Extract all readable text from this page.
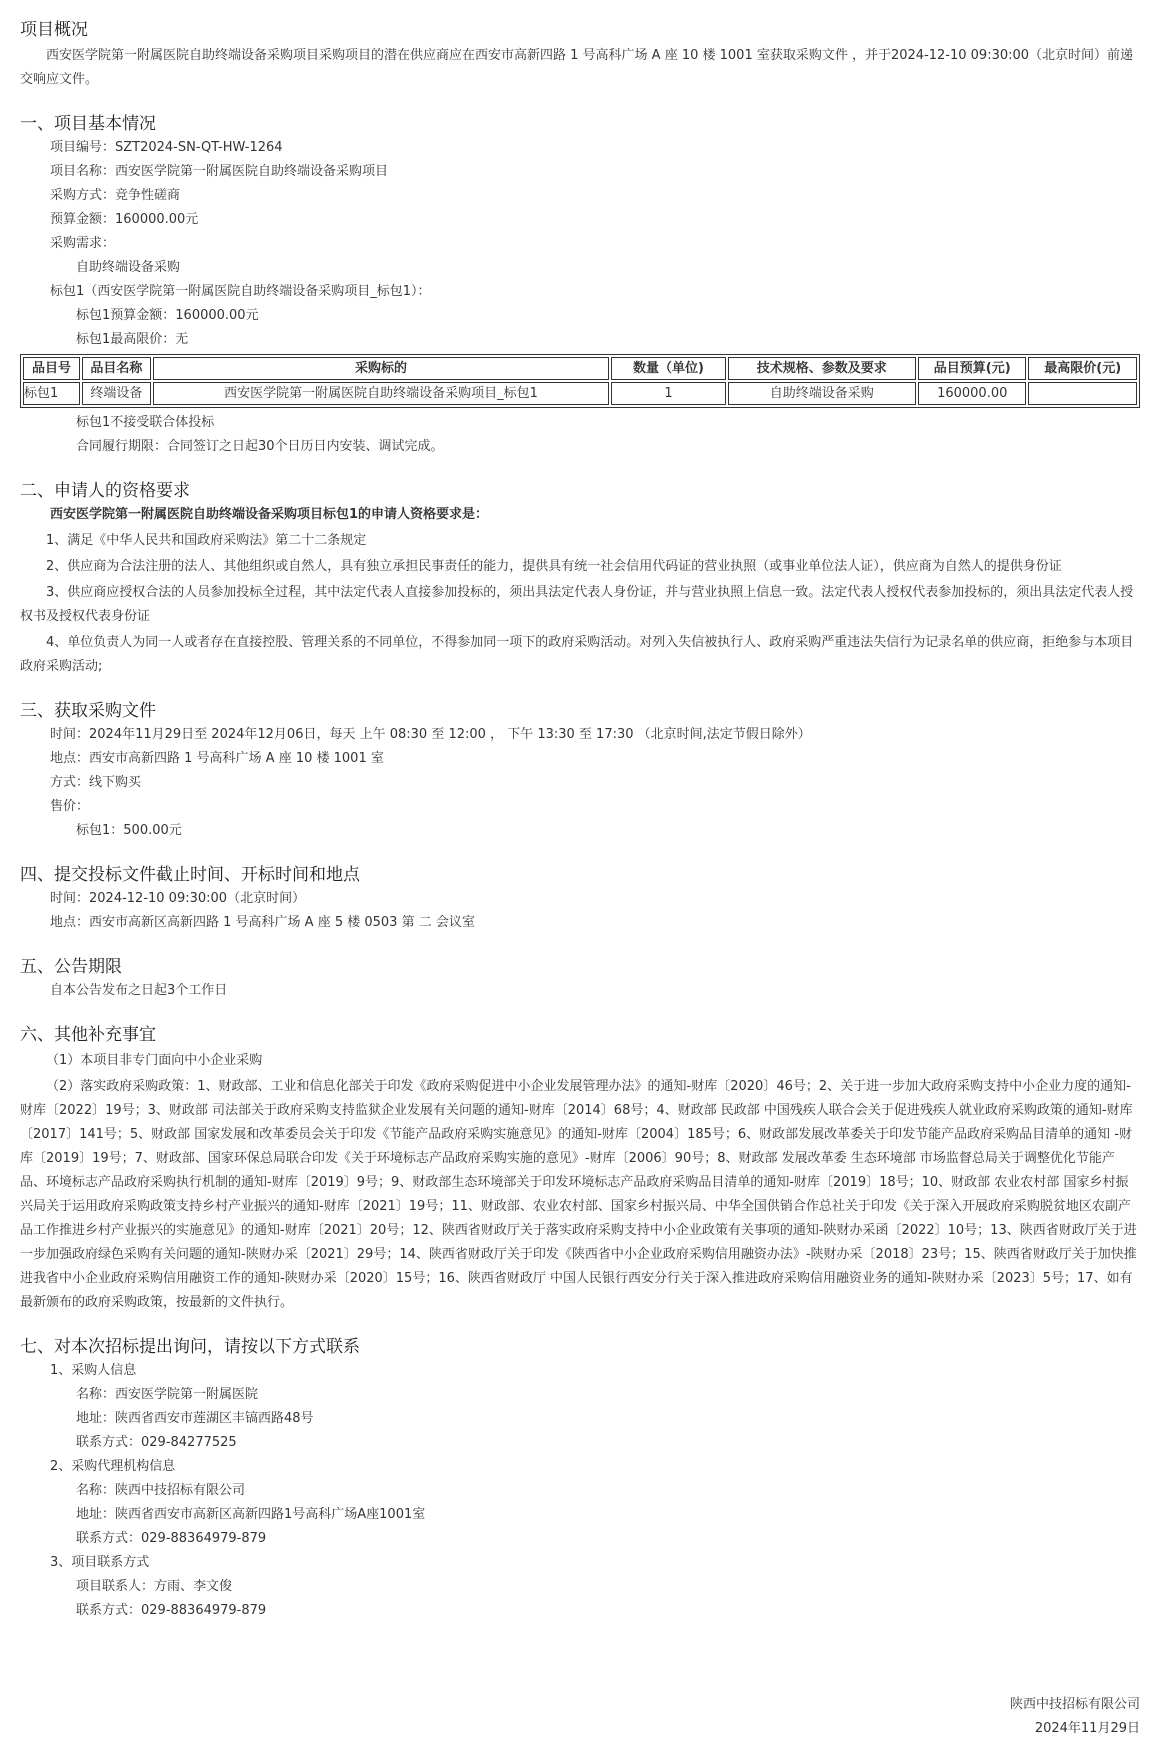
项目概况
西安医学院第一附属医院自助终端设备采购项目采购项目的潜在供应商应在西安市高新四路 1 号高科广场 A 座 10 楼 1001 室获取采购文件 ，并于2024-12-10 09:30:00（北京时间）前递交响应文件。
一、项目基本情况
项目编号：SZT2024-SN-QT-HW-1264
项目名称：西安医学院第一附属医院自助终端设备采购项目
采购方式：竞争性磋商
预算金额：160000.00元
采购需求：
自助终端设备采购
标包1（西安医学院第一附属医院自助终端设备采购项目_标包1）：
标包1预算金额：160000.00元
标包1最高限价：无
品目号	品目名称	采购标的	数量（单位)	技术规格、参数及要求	品目预算(元)	最高限价(元)
标包1	终端设备	西安医学院第一附属医院自助终端设备采购项目_标包1	1	自助终端设备采购	160000.00	
标包1不接受联合体投标
合同履行期限：合同签订之日起30个日历日内安装、调试完成。
二、申请人的资格要求
西安医学院第一附属医院自助终端设备采购项目标包1的申请人资格要求是：
1、满足《中华人民共和国政府采购法》第二十二条规定
2、供应商为合法注册的法人、其他组织或自然人，具有独立承担民事责任的能力，提供具有统一社会信用代码证的营业执照（或事业单位法人证），供应商为自然人的提供身份证
3、供应商应授权合法的人员参加投标全过程，其中法定代表人直接参加投标的，须出具法定代表人身份证，并与营业执照上信息一致。法定代表人授权代表参加投标的，须出具法定代表人授权书及授权代表身份证
4、单位负责人为同一人或者存在直接控股、管理关系的不同单位，不得参加同一项下的政府采购活动。对列入失信被执行人、政府采购严重违法失信行为记录名单的供应商，拒绝参与本项目政府采购活动;
三、获取采购文件
时间：2024年11月29日至 2024年12月06日，每天 上午 08:30 至 12:00 ， 下午 13:30 至 17:30 （北京时间,法定节假日除外）
地点：西安市高新四路 1 号高科广场 A 座 10 楼 1001 室
方式：线下购买
售价：
标包1：500.00元
四、提交投标文件截止时间、开标时间和地点
时间：2024-12-10 09:30:00（北京时间）
地点：西安市高新区高新四路 1 号高科广场 A 座 5 楼 0503 第 二 会议室
五、公告期限
自本公告发布之日起3个工作日
六、其他补充事宜
（1）本项目非专门面向中小企业采购
（2）落实政府采购政策：1、财政部、工业和信息化部关于印发《政府采购促进中小企业发展管理办法》的通知-财库〔2020〕46号；2、关于进一步加大政府采购支持中小企业力度的通知-财库〔2022〕19号；3、财政部 司法部关于政府采购支持监狱企业发展有关问题的通知-财库〔2014〕68号；4、财政部 民政部 中国残疾人联合会关于促进残疾人就业政府采购政策的通知-财库〔2017〕141号；5、财政部 国家发展和改革委员会关于印发《节能产品政府采购实施意见》的通知-财库〔2004〕185号；6、财政部发展改革委关于印发节能产品政府采购品目清单的通知 -财库〔2019〕19号；7、财政部、国家环保总局联合印发《关于环境标志产品政府采购实施的意见》-财库〔2006〕90号；8、财政部 发展改革委 生态环境部 市场监督总局关于调整优化节能产品、环境标志产品政府采购执行机制的通知-财库〔2019〕9号；9、财政部生态环境部关于印发环境标志产品政府采购品目清单的通知-财库〔2019〕18号；10、财政部 农业农村部 国家乡村振兴局关于运用政府采购政策支持乡村产业振兴的通知-财库〔2021〕19号；11、财政部、农业农村部、国家乡村振兴局、中华全国供销合作总社关于印发《关于深入开展政府采购脱贫地区农副产品工作推进乡村产业振兴的实施意见》的通知-财库〔2021〕20号；12、陕西省财政厅关于落实政府采购支持中小企业政策有关事项的通知-陕财办采函〔2022〕10号；13、陕西省财政厅关于进一步加强政府绿色采购有关问题的通知-陕财办采〔2021〕29号；14、陕西省财政厅关于印发《陕西省中小企业政府采购信用融资办法》-陕财办采〔2018〕23号；15、陕西省财政厅关于加快推进我省中小企业政府采购信用融资工作的通知-陕财办采〔2020〕15号；16、陕西省财政厅 中国人民银行西安分行关于深入推进政府采购信用融资业务的通知-陕财办采〔2023〕5号；17、如有最新颁布的政府采购政策，按最新的文件执行。
七、对本次招标提出询问，请按以下方式联系
1、采购人信息
名称：西安医学院第一附属医院
地址：陕西省西安市莲湖区丰镐西路48号
联系方式：029-84277525
2、采购代理机构信息
名称：陕西中技招标有限公司
地址：陕西省西安市高新区高新四路1号高科广场A座1001室
联系方式：029-88364979-879
3、项目联系方式
项目联系人：方雨、李文俊
联系方式：029-88364979-879
陕西中技招标有限公司
2024年11月29日
